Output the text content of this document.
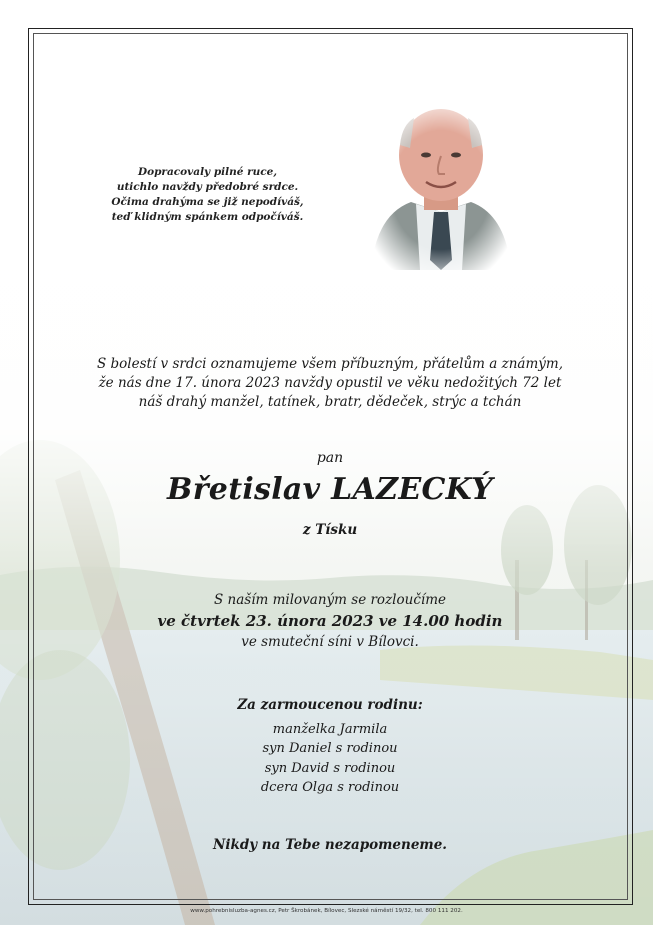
Dopracovaly pilné ruce,
utichlo navždy předobré srdce.
Očima drahýma se již nepodíváš,
teď klidným spánkem odpočíváš.
S bolestí v srdci oznamujeme všem příbuzným, přátelům a známým,
že nás dne 17. února 2023 navždy opustil ve věku nedožitých 72 let
náš drahý manžel, tatínek, bratr, dědeček, strýc a tchán
pan
Břetislav LAZECKÝ
z Tísku
S naším milovaným se rozloučíme
ve čtvrtek 23. února 2023 ve 14.00 hodin
ve smuteční síni v Bílovci.
Za zarmoucenou rodinu:
manželka Jarmila
syn Daniel s rodinou
syn David s rodinou
dcera Olga s rodinou
Nikdy na Tebe nezapomeneme.
www.pohrebnisluzba-agnes.cz, Petr Škrobánek, Bílovec, Slezské náměstí 19/32, tel. 800 111 202.
